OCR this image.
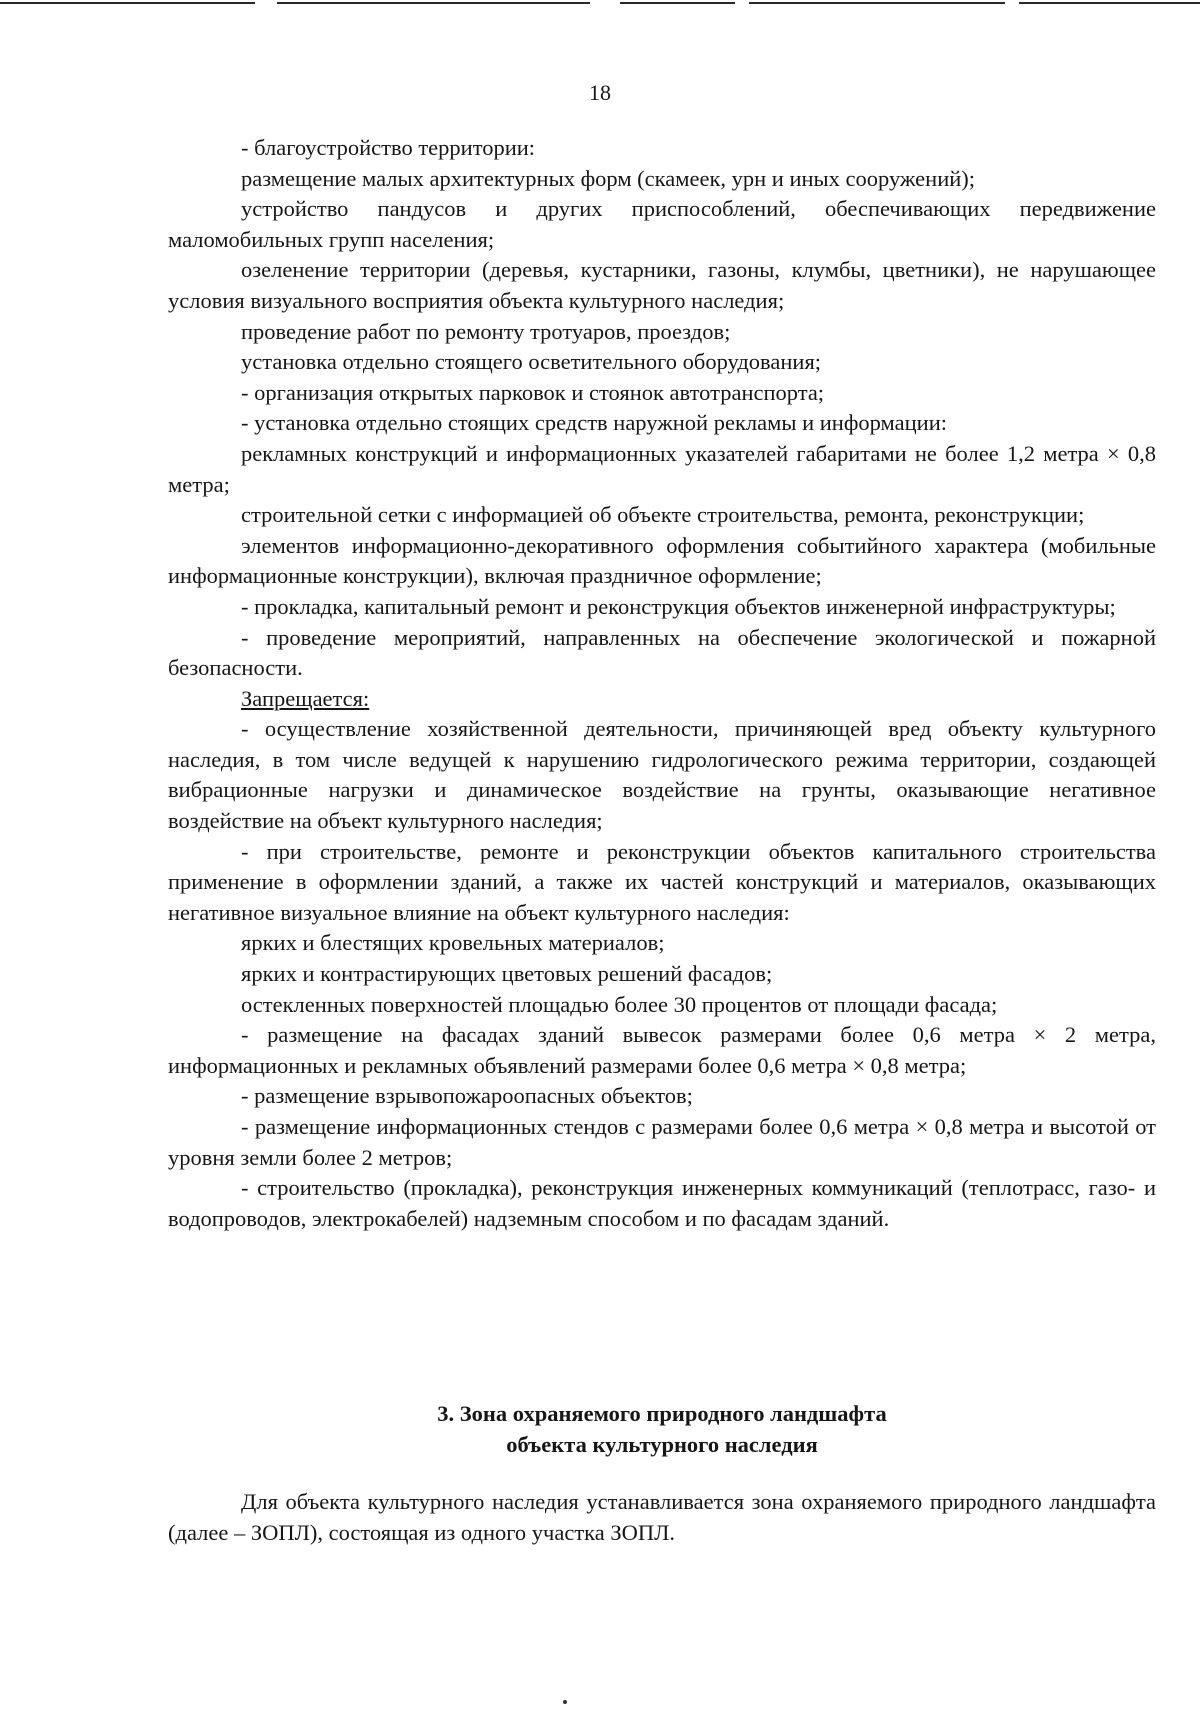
18

- благоустройство территории:

размещение малых архитектурных форм (скамеек, урн и иных сооружений);

устройство пандусов и других приспособлений, обеспечивающих передвижение маломобильных групп населения;

озеленение территории (деревья, кустарники, газоны, клумбы, цветники), не нарушающее условия визуального восприятия объекта культурного наследия;

проведение работ по ремонту тротуаров, проездов;

установка отдельно стоящего осветительного оборудования;

- организация открытых парковок и стоянок автотранспорта;

- установка отдельно стоящих средств наружной рекламы и информации:

рекламных конструкций и информационных указателей габаритами не более 1,2 метра × 0,8 метра;

строительной сетки с информацией об объекте строительства, ремонта, реконструкции;

элементов информационно-декоративного оформления событийного характера (мобильные информационные конструкции), включая праздничное оформление;

- прокладка, капитальный ремонт и реконструкция объектов инженерной инфраструктуры;

- проведение мероприятий, направленных на обеспечение экологической и пожарной безопасности.

Запрещается:

- осуществление хозяйственной деятельности, причиняющей вред объекту культурного наследия, в том числе ведущей к нарушению гидрологического режима территории, создающей вибрационные нагрузки и динамическое воздействие на грунты, оказывающие негативное воздействие на объект культурного наследия;

- при строительстве, ремонте и реконструкции объектов капитального строительства применение в оформлении зданий, а также их частей конструкций и материалов, оказывающих негативное визуальное влияние на объект культурного наследия:

ярких и блестящих кровельных материалов;

ярких и контрастирующих цветовых решений фасадов;

остекленных поверхностей площадью более 30 процентов от площади фасада;

- размещение на фасадах зданий вывесок размерами более 0,6 метра × 2 метра, информационных и рекламных объявлений размерами более 0,6 метра × 0,8 метра;

- размещение взрывопожароопасных объектов;

- размещение информационных стендов с размерами более 0,6 метра × 0,8 метра и высотой от уровня земли более 2 метров;

- строительство (прокладка), реконструкция инженерных коммуникаций (теплотрасс, газо- и водопроводов, электрокабелей) надземным способом и по фасадам зданий.

3. Зона охраняемого природного ландшафта
объекта культурного наследия

Для объекта культурного наследия устанавливается зона охраняемого природного ландшафта (далее – ЗОПЛ), состоящая из одного участка ЗОПЛ.
